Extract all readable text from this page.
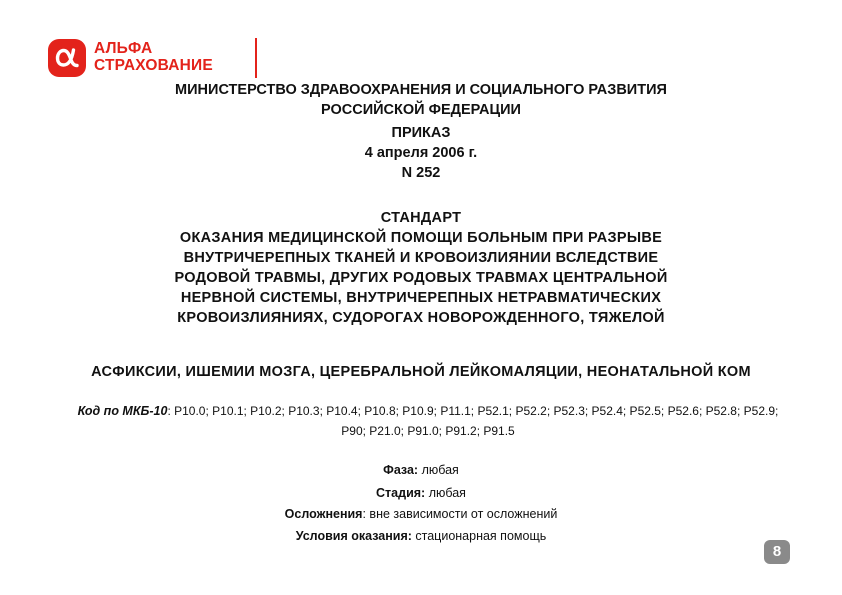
АЛЬФА
СТРАХОВАНИЕ
МИНИСТЕРСТВО ЗДРАВООХРАНЕНИЯ И СОЦИАЛЬНОГО РАЗВИТИЯ
РОССИЙСКОЙ ФЕДЕРАЦИИ
ПРИКАЗ
4 апреля 2006 г.
N 252
СТАНДАРТ
ОКАЗАНИЯ МЕДИЦИНСКОЙ ПОМОЩИ БОЛЬНЫМ ПРИ РАЗРЫВЕ
ВНУТРИЧЕРЕПНЫХ ТКАНЕЙ И КРОВОИЗЛИЯНИИ ВСЛЕДСТВИЕ
РОДОВОЙ ТРАВМЫ, ДРУГИХ РОДОВЫХ ТРАВМАХ ЦЕНТРАЛЬНОЙ
НЕРВНОЙ СИСТЕМЫ, ВНУТРИЧЕРЕПНЫХ НЕТРАВМАТИЧЕСКИХ
КРОВОИЗЛИЯНИЯХ, СУДОРОГАХ НОВОРОЖДЕННОГО, ТЯЖЕЛОЙ
АСФИКСИИ, ИШЕМИИ МОЗГА, ЦЕРЕБРАЛЬНОЙ ЛЕЙКОМАЛЯЦИИ, НЕОНАТАЛЬНОЙ КОМ
Код по МКБ-10: P10.0; P10.1; P10.2; P10.3; P10.4; P10.8; P10.9; P11.1; P52.1; P52.2; P52.3; P52.4; P52.5; P52.6; P52.8; P52.9;
P90; P21.0; P91.0; P91.2; P91.5
Фаза: любая
Стадия: любая
Осложнения: вне зависимости от осложнений
Условия оказания: стационарная помощь
8
